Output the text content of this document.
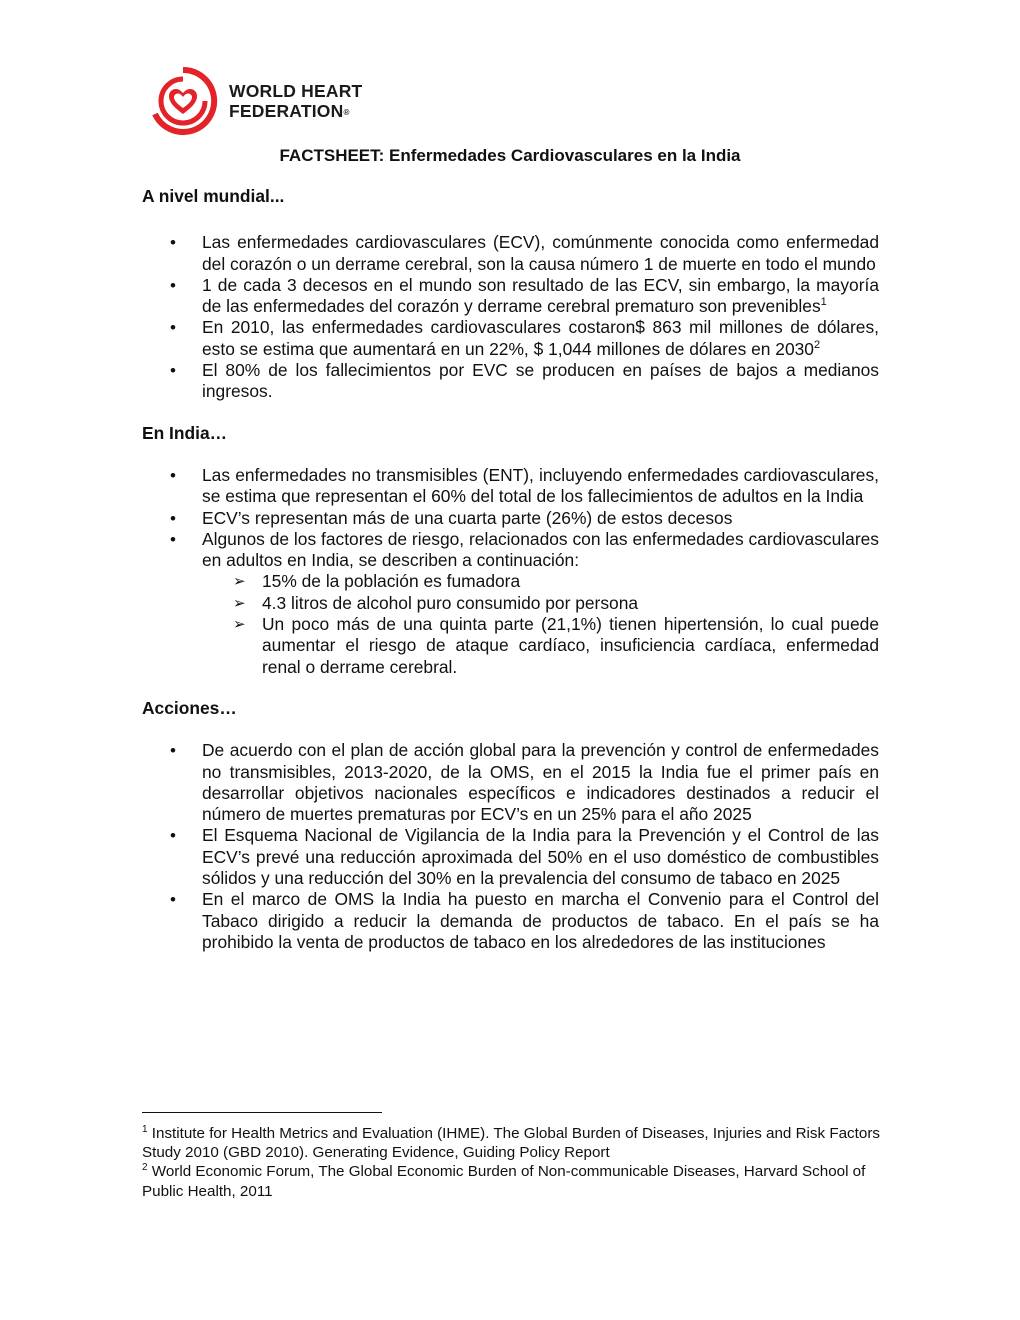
WORLD HEART
FEDERATION®
FACTSHEET: Enfermedades Cardiovasculares en la India

A nivel mundial...

• Las enfermedades cardiovasculares (ECV), comúnmente conocida como enfermedad del corazón o un derrame cerebral, son la causa número 1 de muerte en todo el mundo
• 1 de cada 3 decesos en el mundo son resultado de las ECV, sin embargo, la mayoría de las enfermedades del corazón y derrame cerebral prematuro son prevenibles$^1$
• En 2010, las enfermedades cardiovasculares costaron$ 863 mil millones de dólares, esto se estima que aumentará en un 22%, $ 1,044 millones de dólares en 2030$^2$
• El 80% de los fallecimientos por EVC se producen en países de bajos a medianos ingresos.

En India…

• Las enfermedades no transmisibles (ENT), incluyendo enfermedades cardiovasculares, se estima que representan el 60% del total de los fallecimientos de adultos en la India
• ECV’s representan más de una cuarta parte (26%) de estos decesos
• Algunos de los factores de riesgo, relacionados con las enfermedades cardiovasculares en adultos en India, se describen a continuación:
➢ 15% de la población es fumadora
➢ 4.3 litros de alcohol puro consumido por persona
➢ Un poco más de una quinta parte (21,1%) tienen hipertensión, lo cual puede aumentar el riesgo de ataque cardíaco, insuficiencia cardíaca, enfermedad renal o derrame cerebral.

Acciones…

• De acuerdo con el plan de acción global para la prevención y control de enfermedades no transmisibles, 2013-2020, de la OMS, en el 2015 la India fue el primer país en desarrollar objetivos nacionales específicos e indicadores destinados a reducir el número de muertes prematuras por ECV’s en un 25% para el año 2025
• El Esquema Nacional de Vigilancia de la India para la Prevención y el Control de las ECV’s prevé una reducción aproximada del 50% en el uso doméstico de combustibles sólidos y una reducción del 30% en la prevalencia del consumo de tabaco en 2025
• En el marco de OMS la India ha puesto en marcha el Convenio para el Control del Tabaco dirigido a reducir la demanda de productos de tabaco. En el país se ha prohibido la venta de productos de tabaco en los alrededores de las instituciones
$^1$ Institute for Health Metrics and Evaluation (IHME). The Global Burden of Diseases, Injuries and Risk Factors Study 2010 (GBD 2010). Generating Evidence, Guiding Policy Report
$^2$ World Economic Forum, The Global Economic Burden of Non-communicable Diseases, Harvard School of Public Health, 2011
